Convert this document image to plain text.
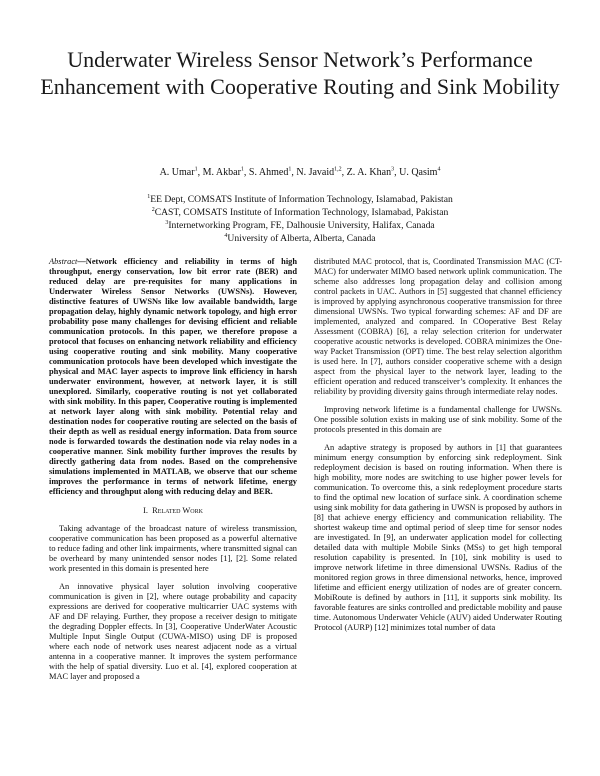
Underwater Wireless Sensor Network’s Performance Enhancement with Cooperative Routing and Sink Mobility
A. Umar$^1$, M. Akbar$^1$, S. Ahmed$^1$, N. Javaid$^{1,2}$, Z. A. Khan$^3$, U. Qasim$^4$
$^1$EE Dept, COMSATS Institute of Information Technology, Islamabad, Pakistan
$^2$CAST, COMSATS Institute of Information Technology, Islamabad, Pakistan
$^3$Internetworking Program, FE, Dalhousie University, Halifax, Canada
$^4$University of Alberta, Alberta, Canada
Abstract—Network efficiency and reliability in terms of high throughput, energy conservation, low bit error rate (BER) and reduced delay are pre-requisites for many applications in Underwater Wireless Sensor Networks (UWSNs). However, distinctive features of UWSNs like low available bandwidth, large propagation delay, highly dynamic network topology, and high error probability pose many challenges for devising efficient and reliable communication protocols. In this paper, we therefore propose a protocol that focuses on enhancing network reliability and efficiency using cooperative routing and sink mobility. Many cooperative communication protocols have been developed which investigate the physical and MAC layer aspects to improve link efficiency in harsh underwater environment, however, at network layer, it is still unexplored. Similarly, cooperative routing is not yet collaborated with sink mobility. In this paper, Cooperative routing is implemented at network layer along with sink mobility. Potential relay and destination nodes for cooperative routing are selected on the basis of their depth as well as residual energy information. Data from source node is forwarded towards the destination node via relay nodes in a cooperative manner. Sink mobility further improves the results by directly gathering data from nodes. Based on the comprehensive simulations implemented in MATLAB, we observe that our scheme improves the performance in terms of network lifetime, energy efficiency and throughput along with reducing delay and BER.
I. Related Work

Taking advantage of the broadcast nature of wireless transmission, cooperative communication has been proposed as a powerful alternative to reduce fading and other link impairments, where transmitted signal can be overheard by many unintended sensor nodes [1], [2]. Some related work presented in this domain is presented here

An innovative physical layer solution involving cooperative communication is given in [2], where outage probability and capacity expressions are derived for cooperative multicarrier UAC systems with AF and DF relaying. Further, they propose a receiver design to mitigate the degrading Doppler effects. In [3], Cooperative UnderWater Acoustic Multiple Input Single Output (CUWA-MISO) using DF is proposed where each node of network uses nearest adjacent node as a virtual antenna in a cooperative manner. It improves the system performance with the help of spatial diversity. Luo et al. [4], explored cooperation at MAC layer and proposed a

distributed MAC protocol, that is, Coordinated Transmission MAC (CT-MAC) for underwater MIMO based network uplink communication. The scheme also addresses long propagation delay and collision among control packets in UAC. Authors in [5] suggested that channel efficiency is improved by applying asynchronous cooperative transmission for three dimensional UWSNs. Two typical forwarding schemes: AF and DF are implemented, analyzed and compared. In COoperative Best Relay Assessment (COBRA) [6], a relay selection criterion for underwater cooperative acoustic networks is developed. COBRA minimizes the One-way Packet Transmission (OPT) time. The best relay selection algorithm is used here. In [7], authors consider cooperative scheme with a design aspect from the physical layer to the network layer, leading to the efficient operation and reduced transceiver’s complexity. It enhances the reliability by providing diversity gains through intermediate relay nodes.

Improving network lifetime is a fundamental challenge for UWSNs. One possible solution exists in making use of sink mobility. Some of the protocols presented in this domain are

An adaptive strategy is proposed by authors in [1] that guarantees minimum energy consumption by enforcing sink redeployment. Sink redeployment decision is based on routing information. When there is high mobility, more nodes are switching to use higher power levels for communication. To overcome this, a sink redeployment procedure starts to find the optimal new location of surface sink. A coordination scheme using sink mobility for data gathering in UWSN is proposed by authors in [8] that achieve energy efficiency and communication reliability. The shortest wakeup time and optimal period of sleep time for sensor nodes are investigated. In [9], an underwater application model for collecting detailed data with multiple Mobile Sinks (MSs) to get high temporal resolution capability is presented. In [10], sink mobility is used to improve network lifetime in three dimensional UWSNs. Radius of the monitored region grows in three dimensional networks, hence, improved lifetime and efficient energy utilization of nodes are of greater concern. MobiRoute is defined by authors in [11], it supports sink mobility. Its favorable features are sinks controlled and predictable mobility and pause time. Autonomous Underwater Vehicle (AUV) aided Underwater Routing Protocol (AURP) [12] minimizes total number of data
